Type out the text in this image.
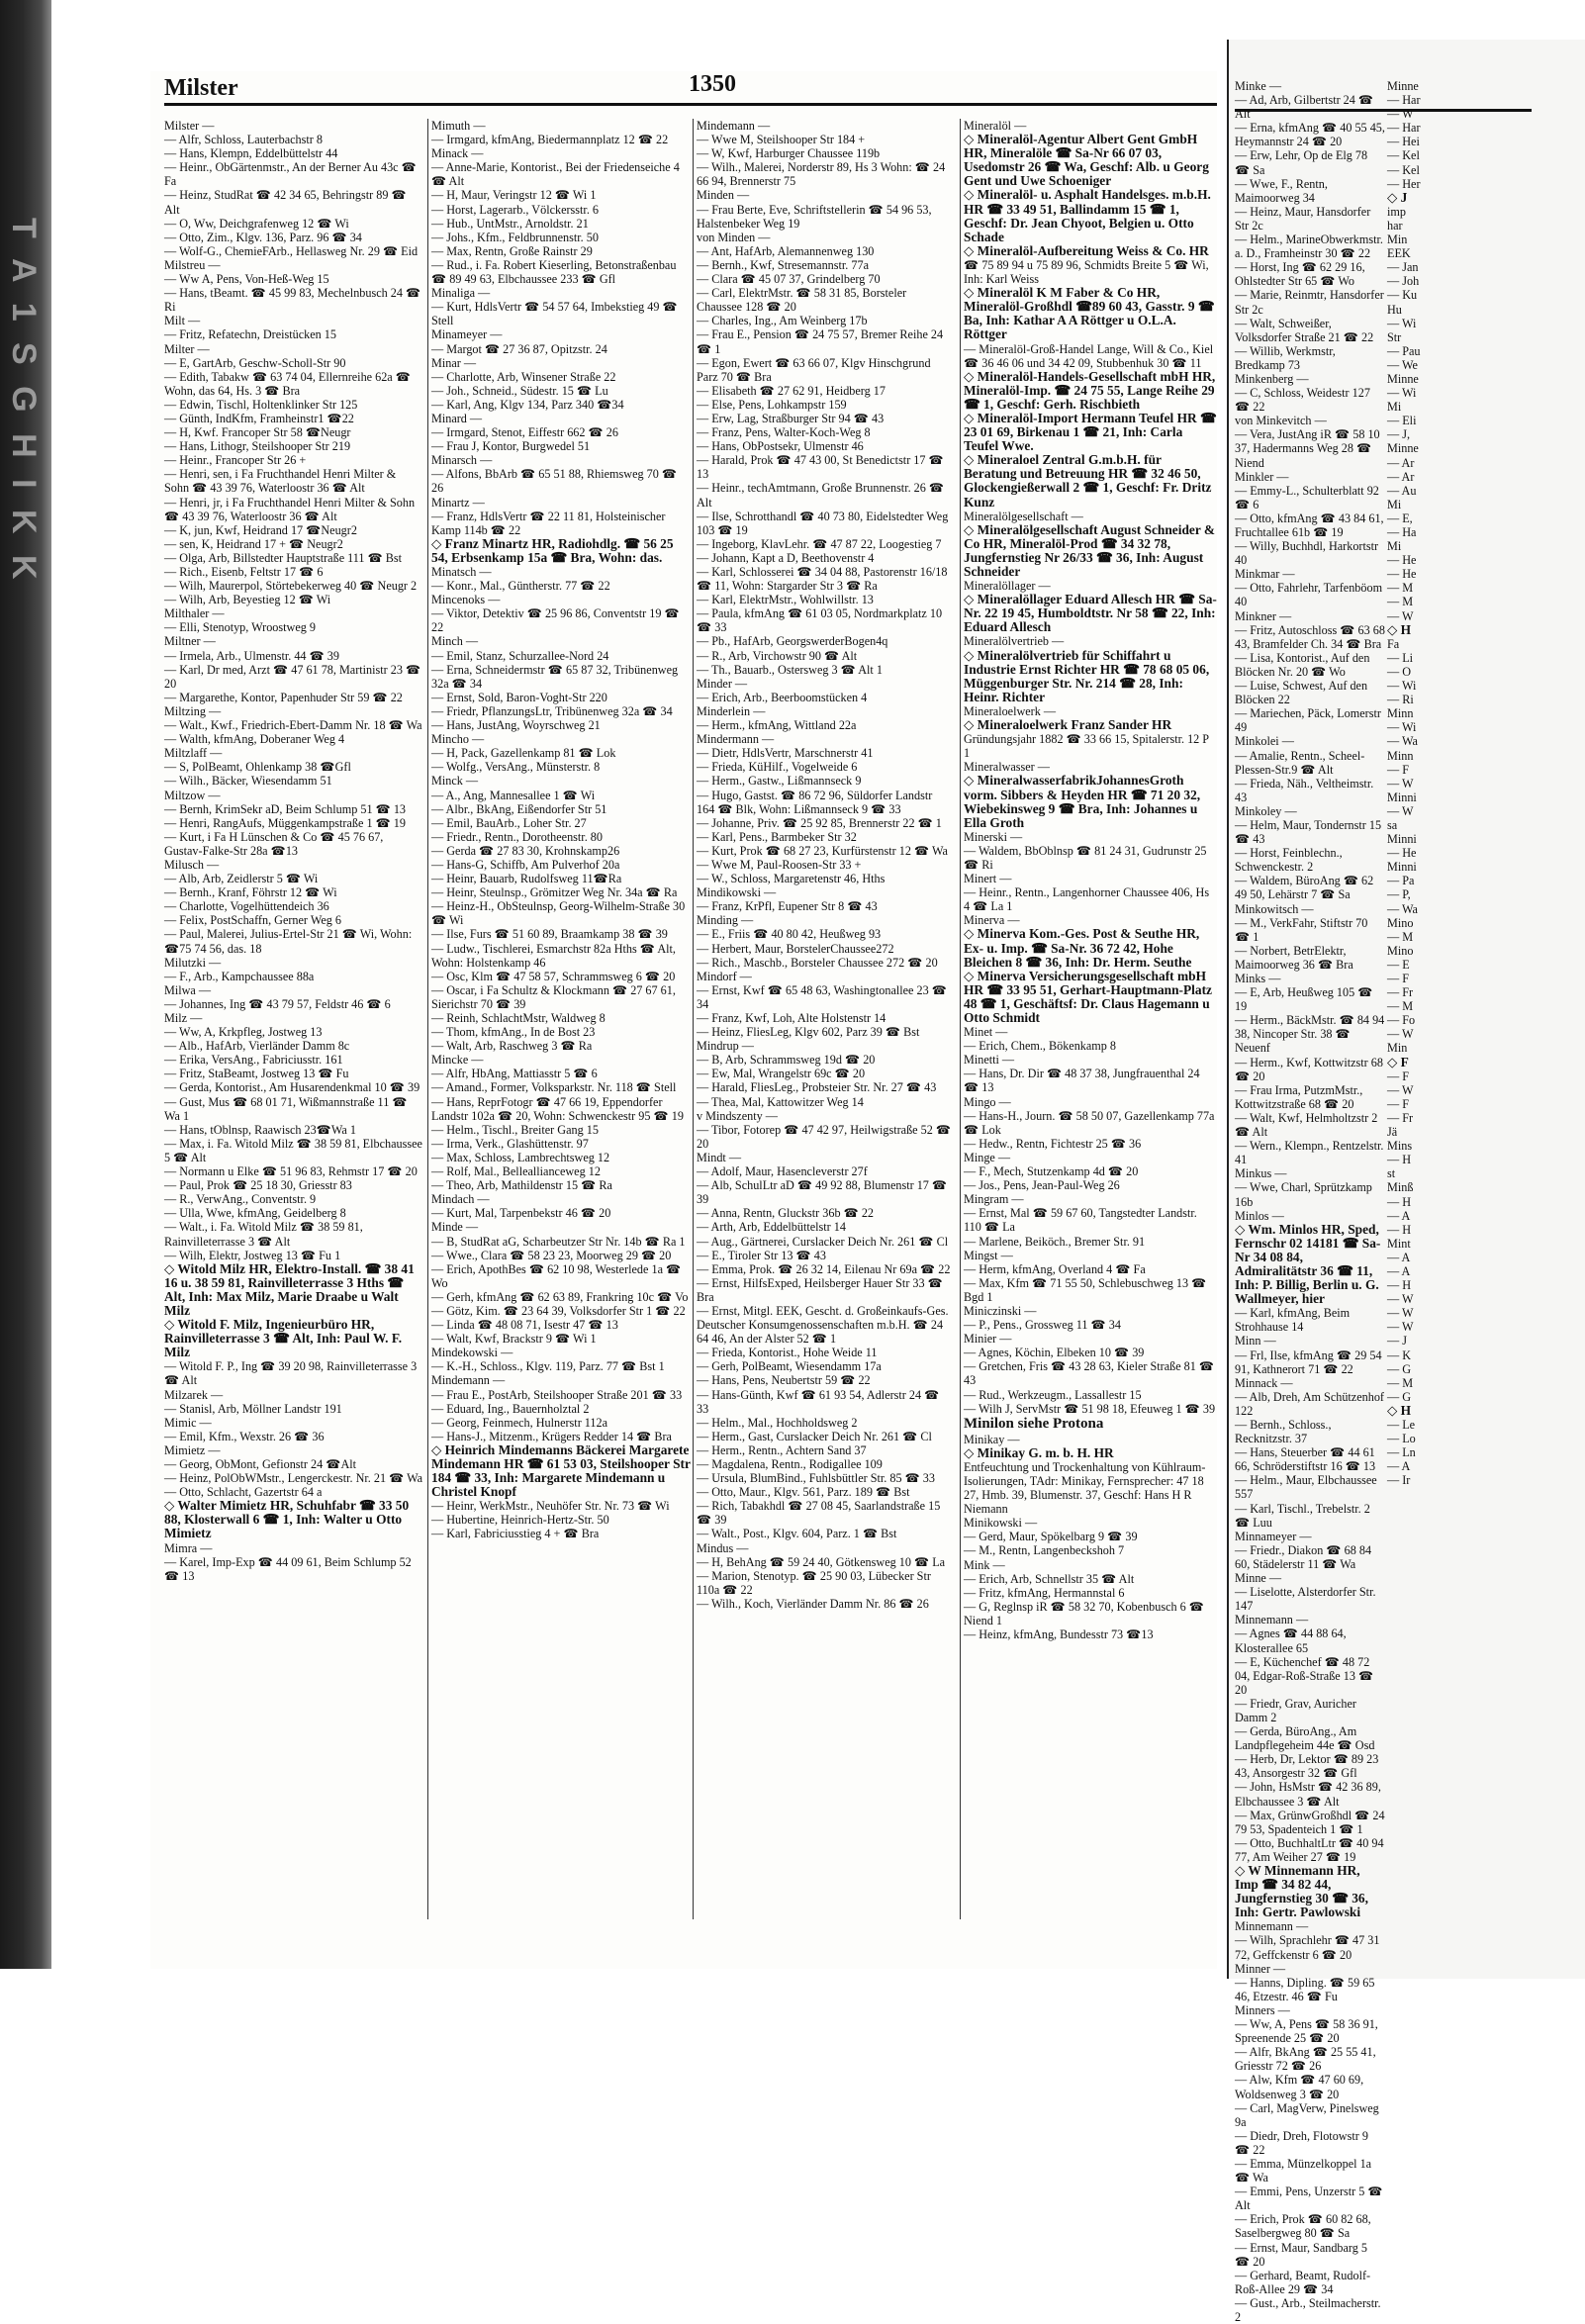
T A 1 S G H I K K
Milster	1350

Milster —

— Alfr, Schloss, Lauterbachstr 8

— Hans, Klempn, Eddelbüttelstr 44

— Heinr., ObGärtenmstr., An der Berner Au 43c ☎ Fa

— Heinz, StudRat ☎ 42 34 65, Behringstr 89 ☎ Alt

— O, Ww, Deichgrafenweg 12 ☎ Wi

— Otto, Zim., Klgv. 136, Parz. 96 ☎ 34

— Wolf-G., ChemieFArb., Hellasweg Nr. 29 ☎ Eid

Milstreu —

— Ww A, Pens, Von-Heß-Weg 15

— Hans, tBeamt. ☎ 45 99 83, Mechelnbusch 24 ☎ Ri

Milt —

— Fritz, Refatechn, Dreistücken 15

Milter —

— E, GartArb, Geschw-Scholl-Str 90

— Edith, Tabakw ☎ 63 74 04, Ellernreihe 62a ☎ Wohn, das 64, Hs. 3 ☎ Bra

— Edwin, Tischl, Holtenklinker Str 125

— Günth, IndKfm, Framheinstr1 ☎22

— H, Kwf. Francoper Str 58 ☎Neugr

— Hans, Lithogr, Steilshooper Str 219

— Heinr., Francoper Str 26 +

— Henri, sen, i Fa Fruchthandel Henri Milter & Sohn ☎ 43 39 76, Waterloostr 36 ☎ Alt

— Henri, jr, i Fa Fruchthandel Henri Milter & Sohn ☎ 43 39 76, Waterloostr 36 ☎ Alt

— K, jun, Kwf, Heidrand 17 ☎Neugr2

— sen, K, Heidrand 17 + ☎ Neugr2

— Olga, Arb, Billstedter Hauptstraße 111 ☎ Bst

— Rich., Eisenb, Feltstr 17 ☎ 6

— Wilh, Maurerpol, Störtebekerweg 40 ☎ Neugr 2

— Wilh, Arb, Beyestieg 12 ☎ Wi

Milthaler —

— Elli, Stenotyp, Wroostweg 9

Miltner —

— Irmela, Arb., Ulmenstr. 44 ☎ 39

— Karl, Dr med, Arzt ☎ 47 61 78, Martinistr 23 ☎ 20

— Margarethe, Kontor, Papenhuder Str 59 ☎ 22

Miltzing —

— Walt., Kwf., Friedrich-Ebert-Damm Nr. 18 ☎ Wa

— Walth, kfmAng, Doberaner Weg 4

Miltzlaff —

— S, PolBeamt, Ohlenkamp 38 ☎Gfl

— Wilh., Bäcker, Wiesendamm 51

Miltzow —

— Bernh, KrimSekr aD, Beim Schlump 51 ☎ 13

— Henri, RangAufs, Müggenkampstraße 1 ☎ 19

— Kurt, i Fa H Lünschen & Co ☎ 45 76 67, Gustav-Falke-Str 28a ☎13

Milusch —

— Alb, Arb, Zeidlerstr 5 ☎ Wi

— Bernh., Kranf, Föhrstr 12 ☎ Wi

— Charlotte, Vogelhüttendeich 36

— Felix, PostSchaffn, Gerner Weg 6

— Paul, Malerei, Julius-Ertel-Str 21 ☎ Wi, Wohn: ☎75 74 56, das. 18

Milutzki —

— F., Arb., Kampchaussee 88a

Milwa —

— Johannes, Ing ☎ 43 79 57, Feldstr 46 ☎ 6

Milz —

— Ww, A, Krkpfleg, Jostweg 13

— Alb., HafArb, Vierländer Damm 8c

— Erika, VersAng., Fabriciusstr. 161

— Fritz, StaBeamt, Jostweg 13 ☎ Fu

— Gerda, Kontorist., Am Husarendenkmal 10 ☎ 39

— Gust, Mus ☎ 68 01 71, Wißmannstraße 11 ☎ Wa 1

— Hans, tOblnsp, Raawisch 23☎Wa 1

— Max, i. Fa. Witold Milz ☎ 38 59 81, Elbchaussee 5 ☎ Alt

— Normann u Elke ☎ 51 96 83, Rehmstr 17 ☎ 20

— Paul, Prok ☎ 25 18 30, Griesstr 83

— R., VerwAng., Conventstr. 9

— Ulla, Wwe, kfmAng, Geidelberg 8

— Walt., i. Fa. Witold Milz ☎ 38 59 81, Rainvilleterrasse 3 ☎ Alt

— Wilh, Elektr, Jostweg 13 ☎ Fu 1

◇ Witold Milz HR, Elektro-Install. ☎ 38 41 16 u. 38 59 81, Rainvilleterrasse 3 Hths ☎ Alt, Inh: Max Milz, Marie Draabe u Walt Milz

◇ Witold F. Milz, Ingenieurbüro HR, Rainvilleterrasse 3 ☎ Alt, Inh: Paul W. F. Milz

— Witold F. P., Ing ☎ 39 20 98, Rainvilleterrasse 3 ☎ Alt

Milzarek —

— Stanisl, Arb, Möllner Landstr 191

Mimic —

— Emil, Kfm., Wexstr. 26 ☎ 36

Mimietz —

— Georg, ObMont, Gefionstr 24 ☎Alt

— Heinz, PolObWMstr., Lengerckestr. Nr. 21 ☎ Wa

— Otto, Schlacht, Gazertstr 64 a

◇ Walter Mimietz HR, Schuhfabr ☎ 33 50 88, Klosterwall 6 ☎ 1, Inh: Walter u Otto Mimietz

Mimra —

— Karel, Imp-Exp ☎ 44 09 61, Beim Schlump 52 ☎ 13

Mimuth —

— Irmgard, kfmAng, Biedermannplatz 12 ☎ 22

Minack —

— Anne-Marie, Kontorist., Bei der Friedenseiche 4 ☎ Alt

— H, Maur, Veringstr 12 ☎ Wi 1

— Horst, Lagerarb., Völckersstr. 6

— Hub., UntMstr., Arnoldstr. 21

— Johs., Kfm., Feldbrunnenstr. 50

— Max, Rentn, Große Rainstr 29

— Rud., i. Fa. Robert Kieserling, Betonstraßenbau ☎ 89 49 63, Elbchaussee 233 ☎ Gfl

Minaliga —

— Kurt, HdlsVertr ☎ 54 57 64, Imbekstieg 49 ☎ Stell

Minameyer —

— Margot ☎ 27 36 87, Opitzstr. 24

Minar —

— Charlotte, Arb, Winsener Straße 22

— Joh., Schneid., Südestr. 15 ☎ Lu

— Karl, Ang, Klgv 134, Parz 340 ☎34

Minard —

— Irmgard, Stenot, Eiffestr 662 ☎ 26

— Frau J, Kontor, Burgwedel 51

Minarsch —

— Alfons, BbArb ☎ 65 51 88, Rhiemsweg 70 ☎ 26

Minartz —

— Franz, HdlsVertr ☎ 22 11 81, Holsteinischer Kamp 114b ☎ 22

◇ Franz Minartz HR, Radiohdlg. ☎ 56 25 54, Erbsenkamp 15a ☎ Bra, Wohn: das.

Minatsch —

— Konr., Mal., Güntherstr. 77 ☎ 22

Mincenoks —

— Viktor, Detektiv ☎ 25 96 86, Conventstr 19 ☎ 22

Minch —

— Emil, Stanz, Schurzallee-Nord 24

— Erna, Schneidermstr ☎ 65 87 32, Tribünenweg 32a ☎ 34

— Ernst, Sold, Baron-Voght-Str 220

— Friedr, PflanzungsLtr, Tribünenweg 32a ☎ 34

— Hans, JustAng, Woyrschweg 21

Mincho —

— H, Pack, Gazellenkamp 81 ☎ Lok

— Wolfg., VersAng., Münsterstr. 8

Minck —

— A., Ang, Mannesallee 1 ☎ Wi

— Albr., BkAng, Eißendorfer Str 51

— Emil, BauArb., Loher Str. 27

— Friedr., Rentn., Dorotheenstr. 80

— Gerda ☎ 27 83 30, Krohnskamp26

— Hans-G, Schiffb, Am Pulverhof 20a

— Heinr, Bauarb, Rudolfsweg 11☎Ra

— Heinr, Steulnsp., Grömitzer Weg Nr. 34a ☎ Ra

— Heinz-H., ObSteulnsp, Georg-Wilhelm-Straße 30 ☎ Wi

— Ilse, Furs ☎ 51 60 89, Braamkamp 38 ☎ 39

— Ludw., Tischlerei, Esmarchstr 82a Hths ☎ Alt, Wohn: Holstenkamp 46

— Osc, Klm ☎ 47 58 57, Schrammsweg 6 ☎ 20

— Oscar, i Fa Schultz & Klockmann ☎ 27 67 61, Sierichstr 70 ☎ 39

— Reinh, SchlachtMstr, Waldweg 8

— Thom, kfmAng., In de Bost 23

— Walt, Arb, Raschweg 3 ☎ Ra

Mincke —

— Alfr, HbAng, Mattiasstr 5 ☎ 6

— Amand., Former, Volksparkstr. Nr. 118 ☎ Stell

— Hans, ReprFotogr ☎ 47 66 19, Eppendorfer Landstr 102a ☎ 20, Wohn: Schwenckestr 95 ☎ 19

— Helm., Tischl., Breiter Gang 15

— Irma, Verk., Glashüttenstr. 97

— Max, Schloss, Lambrechtsweg 12

— Rolf, Mal., Belleallianceweg 12

— Theo, Arb, Mathildenstr 15 ☎ Ra

Mindach —

— Kurt, Mal, Tarpenbekstr 46 ☎ 20

Minde —

— B, StudRat aG, Scharbeutzer Str Nr. 14b ☎ Ra 1

— Wwe., Clara ☎ 58 23 23, Moorweg 29 ☎ 20

— Erich, ApothBes ☎ 62 10 98, Westerlede 1a ☎ Wo

— Gerh, kfmAng ☎ 62 63 89, Frankring 10c ☎ Vo

— Götz, Kim. ☎ 23 64 39, Volksdorfer Str 1 ☎ 22

— Linda ☎ 48 08 71, Isestr 47 ☎ 13

— Walt, Kwf, Brackstr 9 ☎ Wi 1

Mindekowski —

— K.-H., Schloss., Klgv. 119, Parz. 77 ☎ Bst 1

Mindemann —

— Frau E., PostArb, Steilshooper Straße 201 ☎ 33

— Eduard, Ing., Bauernholztal 2

— Georg, Feinmech, Hulnerstr 112a

— Hans-J., Mitzenm., Krügers Redder 14 ☎ Bra

◇ Heinrich Mindemanns Bäckerei Margarete Mindemann HR ☎ 61 53 03, Steilshooper Str 184 ☎ 33, Inh: Margarete Mindemann u Christel Knopf

— Heinr, WerkMstr., Neuhöfer Str. Nr. 73 ☎ Wi

— Hubertine, Heinrich-Hertz-Str. 50

— Karl, Fabriciusstieg 4 + ☎ Bra

Mindemann —

— Wwe M, Steilshooper Str 184 +

— W, Kwf, Harburger Chaussee 119b

— Wilh., Malerei, Norderstr 89, Hs 3 Wohn: ☎ 24 66 94, Brennerstr 75

Minden —

— Frau Berte, Eve, Schriftstellerin ☎ 54 96 53, Halstenbeker Weg 19

von Minden —

— Ant, HafArb, Alemannenweg 130

— Bernh., Kwf, Stresemannstr. 77a

— Clara ☎ 45 07 37, Grindelberg 70

— Carl, ElektrMstr. ☎ 58 31 85, Borsteler Chaussee 128 ☎ 20

— Charles, Ing., Am Weinberg 17b

— Frau E., Pension ☎ 24 75 57, Bremer Reihe 24 ☎ 1

— Egon, Ewert ☎ 63 66 07, Klgv Hinschgrund Parz 70 ☎ Bra

— Elisabeth ☎ 27 62 91, Heidberg 17

— Else, Pens, Lohkampstr 159

— Erw, Lag, Straßburger Str 94 ☎ 43

— Franz, Pens, Walter-Koch-Weg 8

— Hans, ObPostsekr, Ulmenstr 46

— Harald, Prok ☎ 47 43 00, St Benedictstr 17 ☎ 13

— Heinr., techAmtmann, Große Brunnenstr. 26 ☎ Alt

— Ilse, Schrotthandl ☎ 40 73 80, Eidelstedter Weg 103 ☎ 19

— Ingeborg, KlavLehr. ☎ 47 87 22, Loogestieg 7

— Johann, Kapt a D, Beethovenstr 4

— Karl, Schlosserei ☎ 34 04 88, Pastorenstr 16/18 ☎ 11, Wohn: Stargarder Str 3 ☎ Ra

— Karl, ElektrMstr., Wohlwillstr. 13

— Paula, kfmAng ☎ 61 03 05, Nordmarkplatz 10 ☎ 33

— Pb., HafArb, GeorgswerderBogen4q

— R., Arb, Virchowstr 90 ☎ Alt

— Th., Bauarb., Ostersweg 3 ☎ Alt 1

Minder —

— Erich, Arb., Beerboomstücken 4

Minderlein —

— Herm., kfmAng, Wittland 22a

Mindermann —

— Dietr, HdlsVertr, Marschnerstr 41

— Frieda, KüHilf., Vogelweide 6

— Herm., Gastw., Lißmannseck 9

— Hugo, Gastst. ☎ 86 72 96, Süldorfer Landstr 164 ☎ Blk, Wohn: Lißmannseck 9 ☎ 33

— Johanne, Priv. ☎ 25 92 85, Brennerstr 22 ☎ 1

— Karl, Pens., Barmbeker Str 32

— Kurt, Prok ☎ 68 27 23, Kurfürstenstr 12 ☎ Wa

— Wwe M, Paul-Roosen-Str 33 +

— W., Schloss, Margaretenstr 46, Hths

Mindikowski —

— Franz, KrPfl, Eupener Str 8 ☎ 43

Minding —

— E., Friis ☎ 40 80 42, Heußweg 93

— Herbert, Maur, BorstelerChaussee272

— Rich., Maschb., Borsteler Chaussee 272 ☎ 20

Mindorf —

— Ernst, Kwf ☎ 65 48 63, Washingtonallee 23 ☎ 34

— Franz, Kwf, Loh, Alte Holstenstr 14

— Heinz, FliesLeg, Klgv 602, Parz 39 ☎ Bst

Mindrup —

— B, Arb, Schrammsweg 19d ☎ 20

— Ew, Mal, Wrangelstr 69c ☎ 20

— Harald, FliesLeg., Probsteier Str. Nr. 27 ☎ 43

— Thea, Mal, Kattowitzer Weg 14

v Mindszenty —

— Tibor, Fotorep ☎ 47 42 97, Heilwigstraße 52 ☎ 20

Mindt —

— Adolf, Maur, Hasencleverstr 27f

— Alb, SchulLtr aD ☎ 49 92 88, Blumenstr 17 ☎ 39

— Anna, Rentn, Gluckstr 36b ☎ 22

— Arth, Arb, Eddelbüttelstr 14

— Aug., Gärtnerei, Curslacker Deich Nr. 261 ☎ Cl

— E., Tiroler Str 13 ☎ 43

— Emma, Prok. ☎ 26 32 14, Eilenau Nr 69a ☎ 22

— Ernst, HilfsExped, Heilsberger Hauer Str 33 ☎ Bra

— Ernst, Mitgl. EEK, Gescht. d. Großeinkaufs-Ges. Deutscher Konsumgenossenschaften m.b.H. ☎ 24 64 46, An der Alster 52 ☎ 1

— Frieda, Kontorist., Hohe Weide 11

— Gerh, PolBeamt, Wiesendamm 17a

— Hans, Pens, Neubertstr 59 ☎ 22

— Hans-Günth, Kwf ☎ 61 93 54, Adlerstr 24 ☎ 33

— Helm., Mal., Hochholdsweg 2

— Herm., Gast, Curslacker Deich Nr. 261 ☎ Cl

— Herm., Rentn., Achtern Sand 37

— Magdalena, Rentn., Rodigallee 109

— Ursula, BlumBind., Fuhlsbüttler Str. 85 ☎ 33

— Otto, Maur., Klgv. 561, Parz. 189 ☎ Bst

— Rich, Tabakhdl ☎ 27 08 45, Saarlandstraße 15 ☎ 39

— Walt., Post., Klgv. 604, Parz. 1 ☎ Bst

Mindus —

— H, BehAng ☎ 59 24 40, Götkensweg 10 ☎ La

— Marion, Stenotyp. ☎ 25 90 03, Lübecker Str 110a ☎ 22

— Wilh., Koch, Vierländer Damm Nr. 86 ☎ 26

Mineralöl —

◇ Mineralöl-Agentur Albert Gent GmbH HR, Mineralöle ☎ Sa-Nr 66 07 03, Usedomstr 26 ☎ Wa, Geschf: Alb. u Georg Gent und Uwe Schoeniger

◇ Mineralöl- u. Asphalt Handelsges. m.b.H. HR ☎ 33 49 51, Ballindamm 15 ☎ 1, Geschf: Dr. Jean Chyoot, Belgien u. Otto Schade

◇ Mineralöl-Aufbereitung Weiss & Co. HR

☎ 75 89 94 u 75 89 96, Schmidts Breite 5 ☎ Wi, Inh: Karl Weiss

◇ Mineralöl K M Faber & Co HR, Mineralöl-Großhdl ☎89 60 43, Gasstr. 9 ☎ Ba, Inh: Kathar A A Röttger u O.L.A. Röttger

— Mineralöl-Groß-Handel Lange, Will & Co., Kiel ☎ 36 46 06 und 34 42 09, Stubbenhuk 30 ☎ 11

◇ Mineralöl-Handels-Gesellschaft mbH HR, Mineralöl-Imp. ☎ 24 75 55, Lange Reihe 29 ☎ 1, Geschf: Gerh. Rischbieth

◇ Mineralöl-Import Hermann Teufel HR ☎ 23 01 69, Birkenau 1 ☎ 21, Inh: Carla Teufel Wwe.

◇ Mineraloel Zentral G.m.b.H. für Beratung und Betreuung HR ☎ 32 46 50, Glockengießerwall 2 ☎ 1, Geschf: Fr. Dritz Kunz

Mineralölgesellschaft —

◇ Mineralölgesellschaft August Schneider & Co HR, Mineralöl-Prod ☎ 34 32 78, Jungfernstieg Nr 26/33 ☎ 36, Inh: August Schneider

Mineralöllager —

◇ Mineralöllager Eduard Allesch HR ☎ Sa-Nr. 22 19 45, Humboldtstr. Nr 58 ☎ 22, Inh: Eduard Allesch

Mineralölvertrieb —

◇ Mineralölvertrieb für Schiffahrt u Industrie Ernst Richter HR ☎ 78 68 05 06, Müggenburger Str. Nr. 214 ☎ 28, Inh: Heinr. Richter

Mineraloelwerk —

◇ Mineraloelwerk Franz Sander HR

Gründungsjahr 1882 ☎ 33 66 15, Spitalerstr. 12 P 1

Mineralwasser —

◇ MineralwasserfabrikJohannesGroth vorm. Sibbers & Heyden HR ☎ 71 20 32, Wiebekinsweg 9 ☎ Bra, Inh: Johannes u Ella Groth

Minerski —

— Waldem, BbOblnsp ☎ 81 24 31, Gudrunstr 25 ☎ Ri

Minert —

— Heinr., Rentn., Langenhorner Chaussee 406, Hs 4 ☎ La 1

Minerva —

◇ Minerva Kom.-Ges. Post & Seuthe HR, Ex- u. Imp. ☎ Sa-Nr. 36 72 42, Hohe Bleichen 8 ☎ 36, Inh: Dr. Herm. Seuthe

◇ Minerva Versicherungsgesellschaft mbH HR ☎ 33 95 51, Gerhart-Hauptmann-Platz 48 ☎ 1, Geschäftsf: Dr. Claus Hagemann u Otto Schmidt

Minet —

— Erich, Chem., Bökenkamp 8

Minetti —

— Hans, Dr. Dir ☎ 48 37 38, Jungfrauenthal 24 ☎ 13

Mingo —

— Hans-H., Journ. ☎ 58 50 07, Gazellenkamp 77a ☎ Lok

— Hedw., Rentn, Fichtestr 25 ☎ 36

Minge —

— F., Mech, Stutzenkamp 4d ☎ 20

— Jos., Pens, Jean-Paul-Weg 26

Mingram —

— Ernst, Mal ☎ 59 67 60, Tangstedter Landstr. 110 ☎ La

— Marlene, Beiköch., Bremer Str. 91

Mingst —

— Herm, kfmAng, Overland 4 ☎ Fa

— Max, Kfm ☎ 71 55 50, Schlebuschweg 13 ☎ Bgd 1

Miniczinski —

— P., Pens., Grossweg 11 ☎ 34

Minier —

— Agnes, Köchin, Elbeken 10 ☎ 39

— Gretchen, Fris ☎ 43 28 63, Kieler Straße 81 ☎ 43

— Rud., Werkzeugm., Lassallestr 15

— Wilh J, ServMstr ☎ 51 98 18, Efeuweg 1 ☎ 39

Minilon siehe Protona

Minikay —

◇ Minikay G. m. b. H. HR

Entfeuchtung und Trockenhaltung von Kühlraum-Isolierungen, TAdr: Minikay, Fernsprecher: 47 18 27, Hmb. 39, Blumenstr. 37, Geschf: Hans H R Niemann

Minikowski —

— Gerd, Maur, Spökelbarg 9 ☎ 39

— M., Rentn, Langenbeckshoh 7

Mink —

— Erich, Arb, Schnellstr 35 ☎ Alt

— Fritz, kfmAng, Hermannstal 6

— G, Reglnsp iR ☎ 58 32 70, Kobenbusch 6 ☎ Niend 1

— Heinz, kfmAng, Bundesstr 73 ☎13

Minke —

— Ad, Arb, Gilbertstr 24 ☎ Alt

— Erna, kfmAng ☎ 40 55 45, Heymannstr 24 ☎ 20

— Erw, Lehr, Op de Elg 78 ☎ Sa

— Wwe, F., Rentn, Maimoorweg 34

— Heinz, Maur, Hansdorfer Str 2c

— Helm., MarineObwerkmstr. a. D., Framheinstr 30 ☎ 22

— Horst, Ing ☎ 62 29 16, Ohlstedter Str 65 ☎ Wo

— Marie, Reinmtr, Hansdorfer Str 2c

— Walt, Schweißer, Volksdorfer Straße 21 ☎ 22

— Willib, Werkmstr, Bredkamp 73

Minkenberg —

— C, Schloss, Weidestr 127 ☎ 22

von Minkevitch —

— Vera, JustAng iR ☎ 58 10 37, Hadermanns Weg 28 ☎ Niend

Minkler —

— Emmy-L., Schulterblatt 92 ☎ 6

— Otto, kfmAng ☎ 43 84 61, Fruchtallee 61b ☎ 19

— Willy, Buchhdl, Harkortstr 40

Minkmar —

— Otto, Fahrlehr, Tarfenböom 40

Minkner —

— Fritz, Autoschloss ☎ 63 68 43, Bramfelder Ch. 34 ☎ Bra

— Lisa, Kontorist., Auf den Blöcken Nr. 20 ☎ Wo

— Luise, Schwest, Auf den Blöcken 22

— Mariechen, Päck, Lomerstr 49

Minkolei —

— Amalie, Rentn., Scheel-Plessen-Str.9 ☎ Alt

— Frieda, Näh., Veltheimstr. 43

Minkoley —

— Helm, Maur, Tondernstr 15 ☎ 43

— Horst, Feinblechn., Schwenckestr. 2

— Waldem, BüroAng ☎ 62 49 50, Lehärstr 7 ☎ Sa

Minkowitsch —

— M., VerkFahr, Stiftstr 70 ☎ 1

— Norbert, BetrElektr, Maimoorweg 36 ☎ Bra

Minks —

— E, Arb, Heußweg 105 ☎ 19

— Herm., BäckMstr. ☎ 84 94 38, Nincoper Str. 38 ☎ Neuenf

— Herm., Kwf, Kottwitzstr 68 ☎ 20

— Frau Irma, PutzmMstr., Kottwitzstraße 68 ☎ 20

— Walt, Kwf, Helmholtzstr 2 ☎ Alt

— Wern., Klempn., Rentzelstr. 41

Minkus —

— Wwe, Charl, Sprützkamp 16b

Minlos —

◇ Wm. Minlos HR, Sped, Fernschr 02 14181 ☎ Sa-Nr 34 08 84, Admiralitätstr 36 ☎ 11, Inh: P. Billig, Berlin u. G. Wallmeyer, hier

— Karl, kfmAng, Beim Strohhause 14

Minn —

— Frl, Ilse, kfmAng ☎ 29 54 91, Kathnerort 71 ☎ 22

Minnack —

— Alb, Dreh, Am Schützenhof 122

— Bernh., Schloss., Recknitzstr. 37

— Hans, Steuerber ☎ 44 61 66, Schröderstiftstr 16 ☎ 13

— Helm., Maur, Elbchaussee 557

— Karl, Tischl., Trebelstr. 2 ☎ Luu

Minnameyer —

— Friedr., Diakon ☎ 68 84 60, Städelerstr 11 ☎ Wa

Minne —

— Liselotte, Alsterdorfer Str. 147

Minnemann —

— Agnes ☎ 44 88 64, Klosterallee 65

— E, Küchenchef ☎ 48 72 04, Edgar-Roß-Straße 13 ☎ 20

— Friedr, Grav, Auricher Damm 2

— Gerda, BüroAng., Am Landpflegeheim 44e ☎ Osd

— Herb, Dr, Lektor ☎ 89 23 43, Ansorgestr 32 ☎ Gfl

— John, HsMstr ☎ 42 36 89, Elbchaussee 3 ☎ Alt

— Max, GrünwGroßhdl ☎ 24 79 53, Spadenteich 1 ☎ 1

— Otto, BuchhaltLtr ☎ 40 94 77, Am Weiher 27 ☎ 19

◇ W Minnemann HR, Imp ☎ 34 82 44, Jungfernstieg 30 ☎ 36, Inh: Gertr. Pawlowski

Minnemann —

— Wilh, Sprachlehr ☎ 47 31 72, Geffckenstr 6 ☎ 20

Minner —

— Hanns, Dipling. ☎ 59 65 46, Etzestr. 46 ☎ Fu

Minners —

— Ww, A, Pens ☎ 58 36 91, Spreenende 25 ☎ 20

— Alfr, BkAng ☎ 25 55 41, Griesstr 72 ☎ 26

— Alw, Kfm ☎ 47 60 69, Woldsenweg 3 ☎ 20

— Carl, MagVerw, Pinelsweg 9a

— Diedr, Dreh, Flotowstr 9 ☎ 22

— Emma, Münzelkoppel 1a ☎ Wa

— Emmi, Pens, Unzerstr 5 ☎ Alt

— Erich, Prok ☎ 60 82 68, Saselbergweg 80 ☎ Sa

— Ernst, Maur, Sandbarg 5 ☎ 20

— Gerhard, Beamt, Rudolf-Roß-Allee 29 ☎ 34

— Gust., Arb., Steilmacherstr. 2

Minne

— Har

— W

— Har

— Hei

— Kel

— Kel

— Her

◇ J

imp

har

Min

EEK

— Jan

— Joh

— Ku

Hu

— Wi

Str

— Pau

— We

Minne

— Wi

Mi

— Eli

— J,

Minne

— Ar

— Ar

— Au

Mi

— E,

— Ha

Mi

— He

— He

— M

— M

— W

◇ H

Fa

— Li

— O

— Wi

— Ri

Minn

— Wi

— Wa

Minn

— F

— W

Minni

— W

sa

Minni

— He

Minni

— Pa

— P,

— Wa

Mino

— M

Mino

— E

— F

— Fr

— M

— Fo

— W

Min

◇ F

— F

— W

— F

— Fr

Jä

Mins

— H

st

Minß

— H

— A

— H

Mint

— A

— A

— H

— W

— W

— W

— J

— K

— G

— M

— G

◇ H

— Le

— Lo

— Ln

— A

— Ir
